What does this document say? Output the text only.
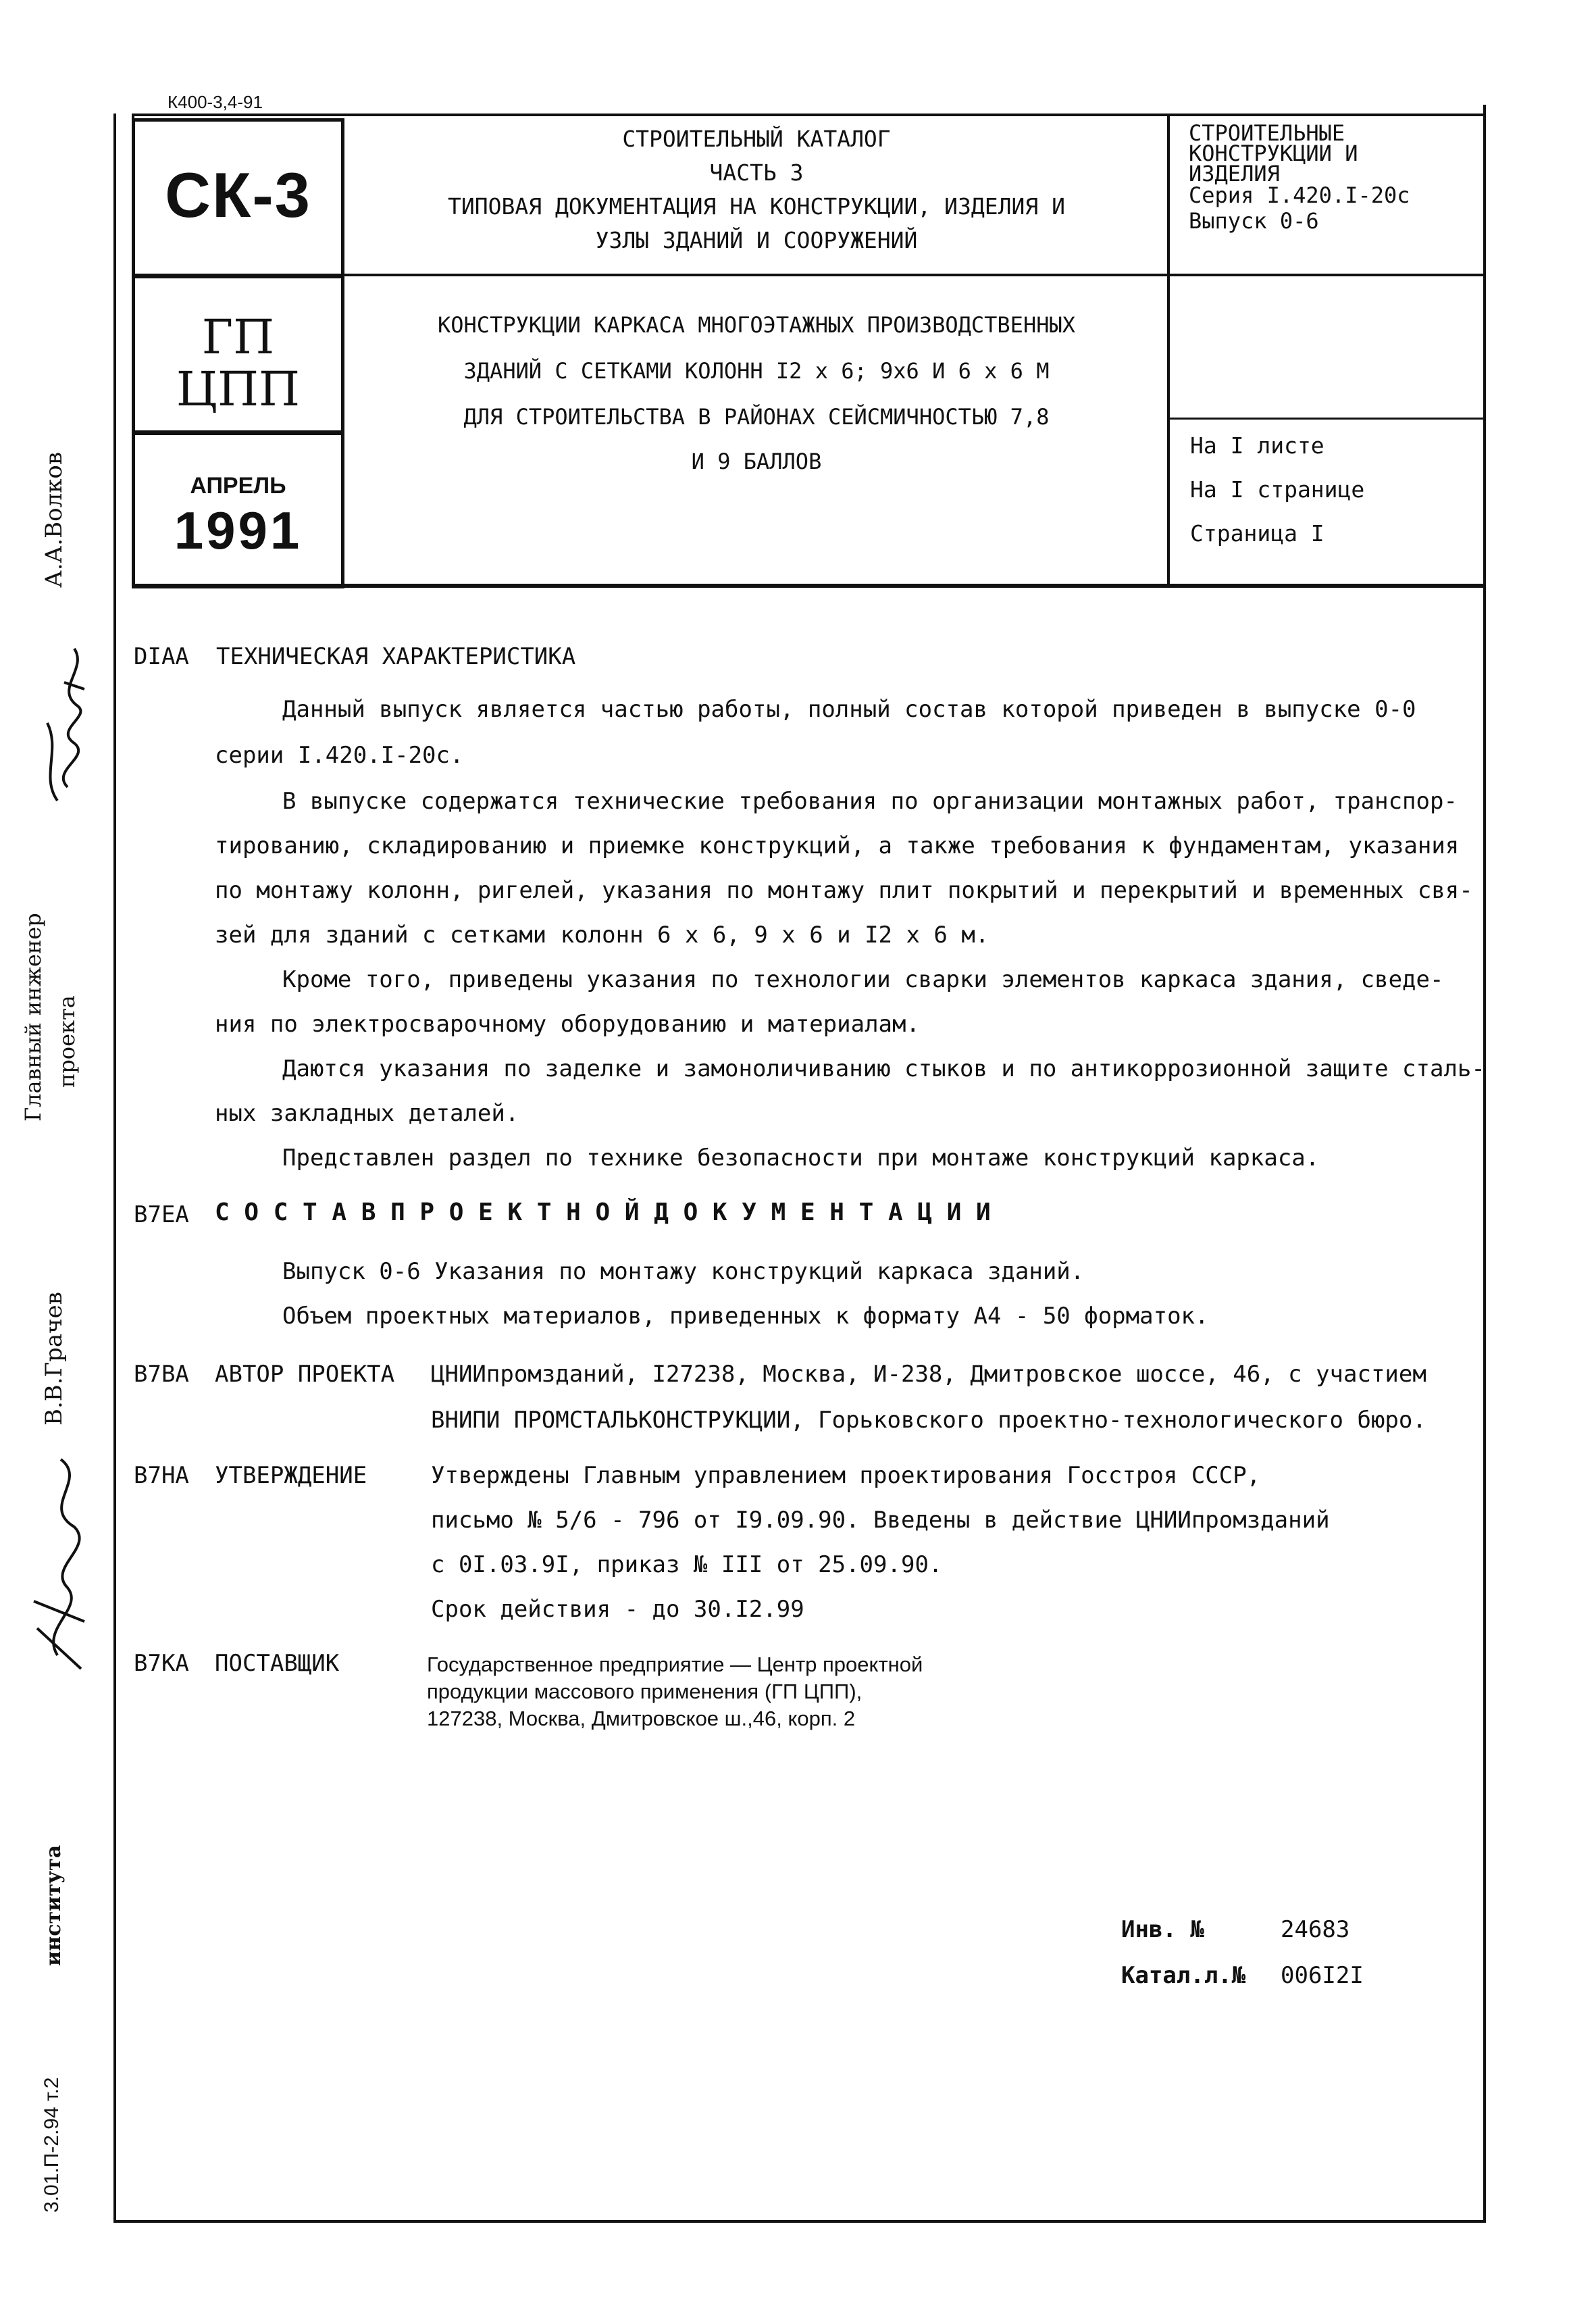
К400-3,4-91
СК-3
ГП
ЦПП
АПРЕЛЬ
1991
СТРОИТЕЛЬНЫЙ КАТАЛОГ
ЧАСТЬ 3
ТИПОВАЯ ДОКУМЕНТАЦИЯ НА КОНСТРУКЦИИ, ИЗДЕЛИЯ И
УЗЛЫ ЗДАНИЙ И СООРУЖЕНИЙ
СТРОИТЕЛЬНЫЕ
КОНСТРУКЦИИ И
ИЗДЕЛИЯ
Серия I.420.I-20с
Выпуск 0-6
КОНСТРУКЦИИ КАРКАСА МНОГОЭТАЖНЫХ ПРОИЗВОДСТВЕННЫХ
ЗДАНИЙ С СЕТКАМИ КОЛОНН I2 х 6; 9х6 И 6 х 6 М
ДЛЯ СТРОИТЕЛЬСТВА В РАЙОНАХ СЕЙСМИЧНОСТЬЮ 7,8
И 9 БАЛЛОВ
На I листе
На I странице
Страница I
А.А.Волков
Главный инженер проекта
В.В.Грачев
института
3.01.П-2.94 т.2
DIАА ТЕХНИЧЕСКАЯ ХАРАКТЕРИСТИКА
Данный выпуск является частью работы, полный состав которой приведен в выпуске 0-0
серии I.420.I-20с.
В выпуске содержатся технические требования по организации монтажных работ, транспор-
тированию, складированию и приемке конструкций, а также требования к фундаментам, указания
по монтажу колонн, ригелей, указания по монтажу плит покрытий и перекрытий и временных свя-
зей для зданий с сетками колонн 6 х 6, 9 х 6 и I2 х 6 м.
Кроме того, приведены указания по технологии сварки элементов каркаса здания, сведе-
ния по электросварочному оборудованию и материалам.
Даются указания по заделке и замоноличиванию стыков и по антикоррозионной защите сталь-
ных закладных деталей.
Представлен раздел по технике безопасности при монтаже конструкций каркаса.
В7ЕА С О С Т А В П Р О Е К Т Н О Й Д О К У М Е Н Т А Ц И И
Выпуск 0-6 Указания по монтажу конструкций каркаса зданий.
Объем проектных материалов, приведенных к формату А4 - 50 форматок.
В7ВА АВТОР ПРОЕКТА ЦНИИпромзданий, I27238, Москва, И-238, Дмитровское шоссе, 46, с участием
ВНИПИ ПРОМСТАЛЬКОНСТРУКЦИИ, Горьковского проектно-технологического бюро.
В7НА УТВЕРЖДЕНИЕ	Утверждены Главным управлением проектирования Госстроя СССР,
письмо № 5/6 - 796 от I9.09.90. Введены в действие ЦНИИпромзданий
с 0I.03.9I, приказ № III от 25.09.90.
Срок действия - до 30.I2.99
В7КА ПОСТАВЩИК	Государственное предприятие — Центр проектной
продукции массового применения (ГП ЦПП),
127238, Москва, Дмитровское ш.,46, корп. 2
Инв. №	24683
Катал.л.№ 006I2I
